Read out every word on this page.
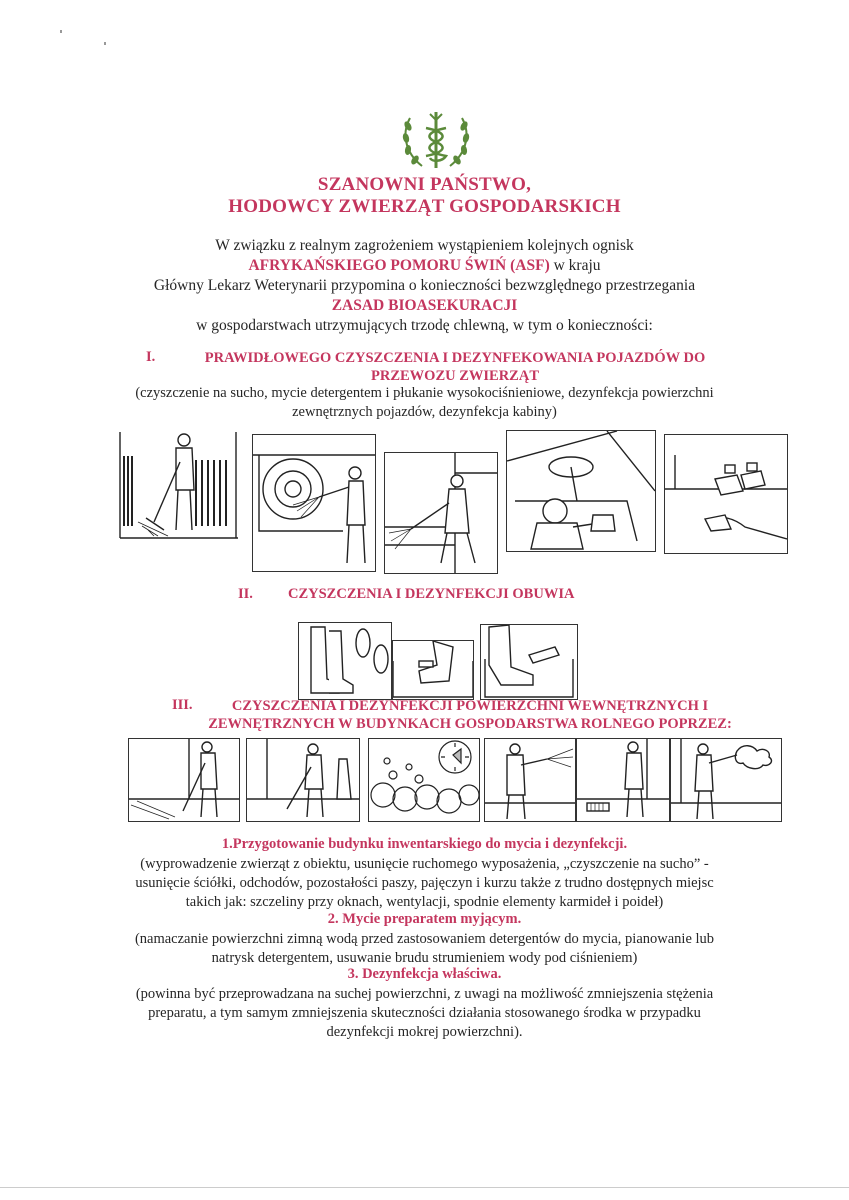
SZANOWNI PAŃSTWO,
HODOWCY ZWIERZĄT GOSPODARSKICH
W związku z realnym zagrożeniem wystąpieniem kolejnych ognisk
AFRYKAŃSKIEGO POMORU ŚWIŃ (ASF) w kraju
Główny Lekarz Weterynarii przypomina o konieczności bezwzględnego przestrzegania
ZASAD BIOASEKURACJI
w gospodarstwach utrzymujących trzodę chlewną, w tym o konieczności:
I.	PRAWIDŁOWEGO CZYSZCZENIA I DEZYNFEKOWANIA POJAZDÓW DO
PRZEWOZU ZWIERZĄT
(czyszczenie na sucho, mycie detergentem i płukanie wysokociśnieniowe, dezynfekcja powierzchni
zewnętrznych pojazdów, dezynfekcja kabiny)
II. CZYSZCZENIA I DEZYNFEKCJI OBUWIA
III.	CZYSZCZENIA I DEZYNFEKCJI POWIERZCHNI WEWNĘTRZNYCH I
ZEWNĘTRZNYCH W BUDYNKACH GOSPODARSTWA ROLNEGO POPRZEZ:
1.Przygotowanie budynku inwentarskiego do mycia i dezynfekcji.
(wyprowadzenie zwierząt z obiektu, usunięcie ruchomego wyposażenia, „czyszczenie na sucho” -
usunięcie ściółki, odchodów, pozostałości paszy, pajęczyn i kurzu także z trudno dostępnych miejsc
takich jak: szczeliny przy oknach, wentylacji, spodnie elementy karmideł i poideł)
2. Mycie preparatem myjącym.
(namaczanie powierzchni zimną wodą przed zastosowaniem detergentów do mycia, pianowanie lub
natrysk detergentem, usuwanie brudu strumieniem wody pod ciśnieniem)
3. Dezynfekcja właściwa.
(powinna być przeprowadzana na suchej powierzchni, z uwagi na możliwość zmniejszenia stężenia
preparatu, a tym samym zmniejszenia skuteczności działania stosowanego środka w przypadku
dezynfekcji mokrej powierzchni).
